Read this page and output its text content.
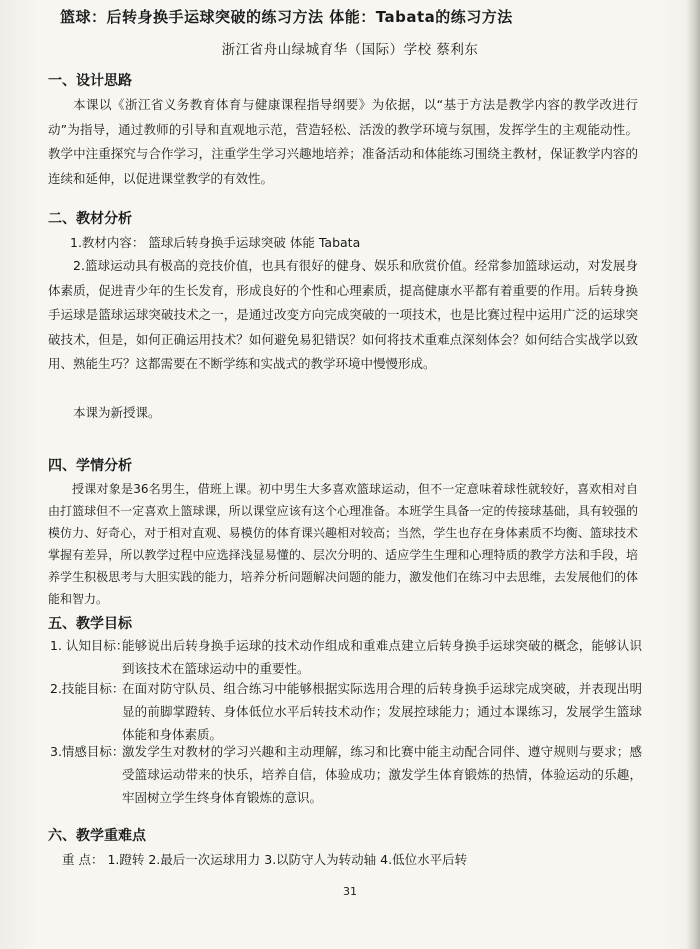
篮球：后转身换手运球突破的练习方法 体能：Tabata的练习方法
浙江省舟山绿城育华（国际）学校 蔡利东
一、设计思路
本课以《浙江省义务教育体育与健康课程指导纲要》为依据，以“基于方法是教学内容的教学改进行动”为指导，通过教师的引导和直观地示范，营造轻松、活泼的教学环境与氛围，发挥学生的主观能动性。教学中注重探究与合作学习，注重学生学习兴趣地培养；准备活动和体能练习围绕主教材，保证教学内容的连续和延伸，以促进课堂教学的有效性。
二、教材分析
1.教材内容： 篮球后转身换手运球突破 体能 Tabata
2.篮球运动具有极高的竞技价值，也具有很好的健身、娱乐和欣赏价值。经常参加篮球运动，对发展身体素质，促进青少年的生长发育，形成良好的个性和心理素质，提高健康水平都有着重要的作用。后转身换手运球是篮球运球突破技术之一，是通过改变方向完成突破的一项技术，也是比赛过程中运用广泛的运球突破技术，但是，如何正确运用技术？如何避免易犯错误？如何将技术重难点深刻体会？如何结合实战学以致用、熟能生巧？这都需要在不断学练和实战式的教学环境中慢慢形成。
本课为新授课。
四、学情分析
授课对象是36名男生，借班上课。初中男生大多喜欢篮球运动，但不一定意味着球性就较好，喜欢相对自由打篮球但不一定喜欢上篮球课，所以课堂应该有这个心理准备。本班学生具备一定的传接球基础，具有较强的模仿力、好奇心，对于相对直观、易模仿的体育课兴趣相对较高；当然，学生也存在身体素质不均衡、篮球技术掌握有差异，所以教学过程中应选择浅显易懂的、层次分明的、适应学生生理和心理特质的教学方法和手段，培养学生积极思考与大胆实践的能力，培养分析问题解决问题的能力，激发他们在练习中去思维，去发展他们的体能和智力。
五、教学目标
1. 认知目标：
能够说出后转身换手运球的技术动作组成和重难点建立后转身换手运球突破的概念，能够认识到该技术在篮球运动中的重要性。
2.技能目标：
在面对防守队员、组合练习中能够根据实际选用合理的后转身换手运球完成突破，并表现出明显的前脚掌蹬转、身体低位水平后转技术动作；发展控球能力；通过本课练习，发展学生篮球体能和身体素质。
3.情感目标：
激发学生对教材的学习兴趣和主动理解，练习和比赛中能主动配合同伴、遵守规则与要求；感受篮球运动带来的快乐，培养自信，体验成功；激发学生体育锻炼的热情，体验运动的乐趣，牢固树立学生终身体育锻炼的意识。
六、教学重难点
重 点： 1.蹬转 2.最后一次运球用力 3.以防守人为转动轴 4.低位水平后转
31
